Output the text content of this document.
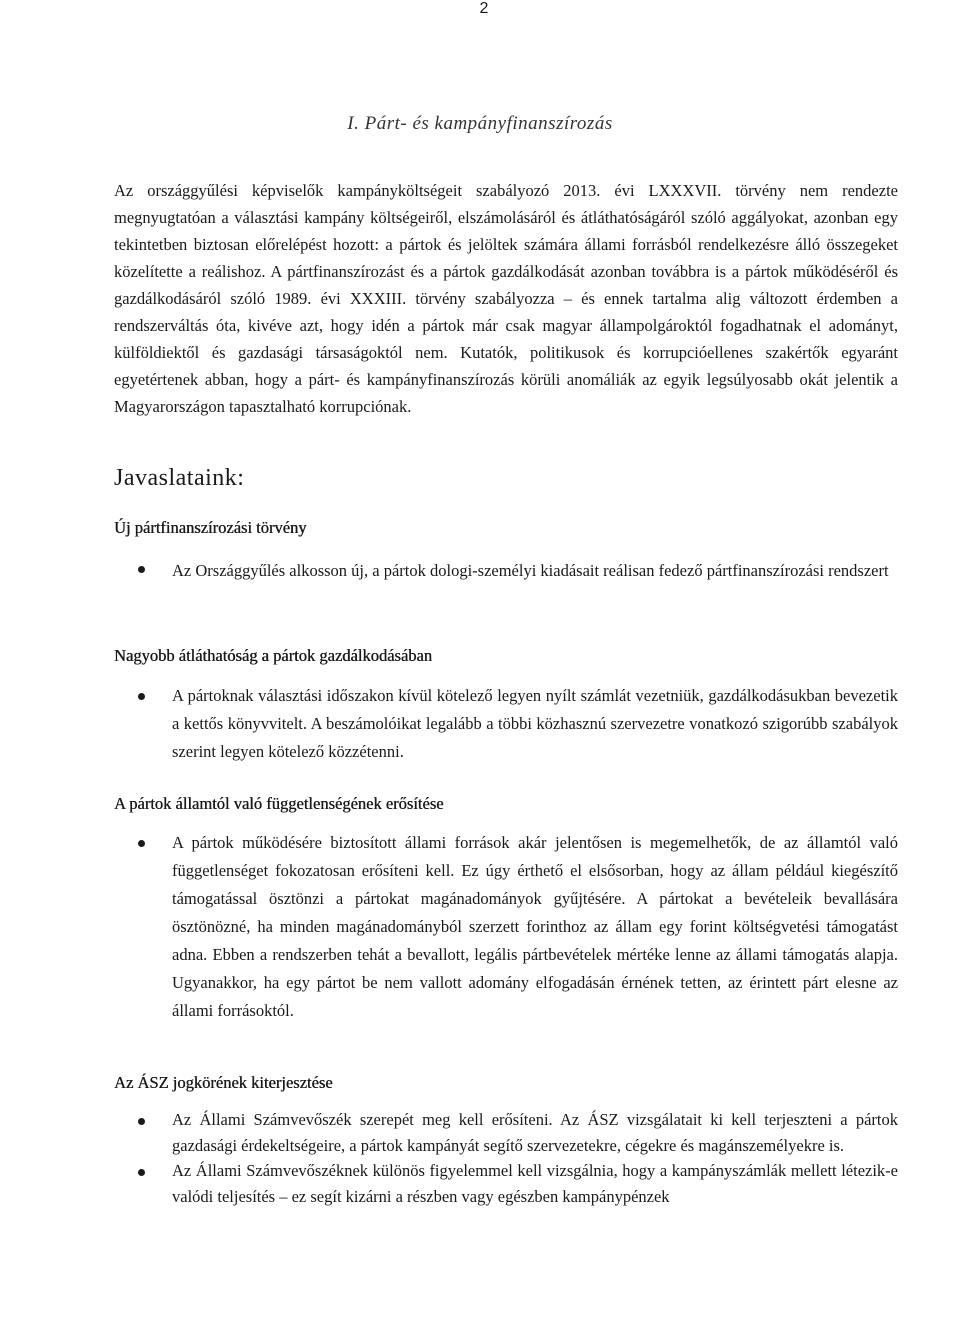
2
I. Párt- és kampányfinanszírozás

Az országgyűlési képviselők kampányköltségeit szabályozó 2013. évi LXXXVII. törvény nem rendezte megnyugtatóan a választási kampány költségeiről, elszámolásáról és átláthatóságáról szóló aggályokat, azonban egy tekintetben biztosan előrelépést hozott: a pártok és jelöltek számára állami forrásból rendelkezésre álló összegeket közelítette a reálishoz. A pártfinanszírozást és a pártok gazdálkodását azonban továbbra is a pártok működéséről és gazdálkodásáról szóló 1989. évi XXXIII. törvény szabályozza – és ennek tartalma alig változott érdemben a rendszerváltás óta, kivéve azt, hogy idén a pártok már csak magyar állampolgároktól fogadhatnak el adományt, külföldiektől és gazdasági társaságoktól nem. Kutatók, politikusok és korrupcióellenes szakértők egyaránt egyetértenek abban, hogy a párt- és kampányfinanszírozás körüli anomáliák az egyik legsúlyosabb okát jelentik a Magyarországon tapasztalható korrupciónak.

Javaslataink:
Új pártfinanszírozási törvény
Az Országgyűlés alkosson új, a pártok dologi-személyi kiadásait reálisan fedező pártfinanszírozási rendszert
Nagyobb átláthatóság a pártok gazdálkodásában
A pártoknak választási időszakon kívül kötelező legyen nyílt számlát vezetniük, gazdálkodásukban bevezetik a kettős könyvvitelt. A beszámolóikat legalább a többi közhasznú szervezetre vonatkozó szigorúbb szabályok szerint legyen kötelező közzétenni.
A pártok államtól való függetlenségének erősítése
A pártok működésére biztosított állami források akár jelentősen is megemelhetők, de az államtól való függetlenséget fokozatosan erősíteni kell. Ez úgy érthető el elsősorban, hogy az állam például kiegészítő támogatással ösztönzi a pártokat magánadományok gyűjtésére. A pártokat a bevételeik bevallására ösztönözné, ha minden magánadományból szerzett forinthoz az állam egy forint költségvetési támogatást adna. Ebben a rendszerben tehát a bevallott, legális pártbevételek mértéke lenne az állami támogatás alapja. Ugyanakkor, ha egy pártot be nem vallott adomány elfogadásán érnének tetten, az érintett párt elesne az állami forrásoktól.
Az ÁSZ jogkörének kiterjesztése
Az Állami Számvevőszék szerepét meg kell erősíteni. Az ÁSZ vizsgálatait ki kell terjeszteni a pártok gazdasági érdekeltségeire, a pártok kampányát segítő szervezetekre, cégekre és magánszemélyekre is.
Az Állami Számvevőszéknek különös figyelemmel kell vizsgálnia, hogy a kampányszámlák mellett létezik-e valódi teljesítés – ez segít kizárni a részben vagy egészben kampánypénzek
